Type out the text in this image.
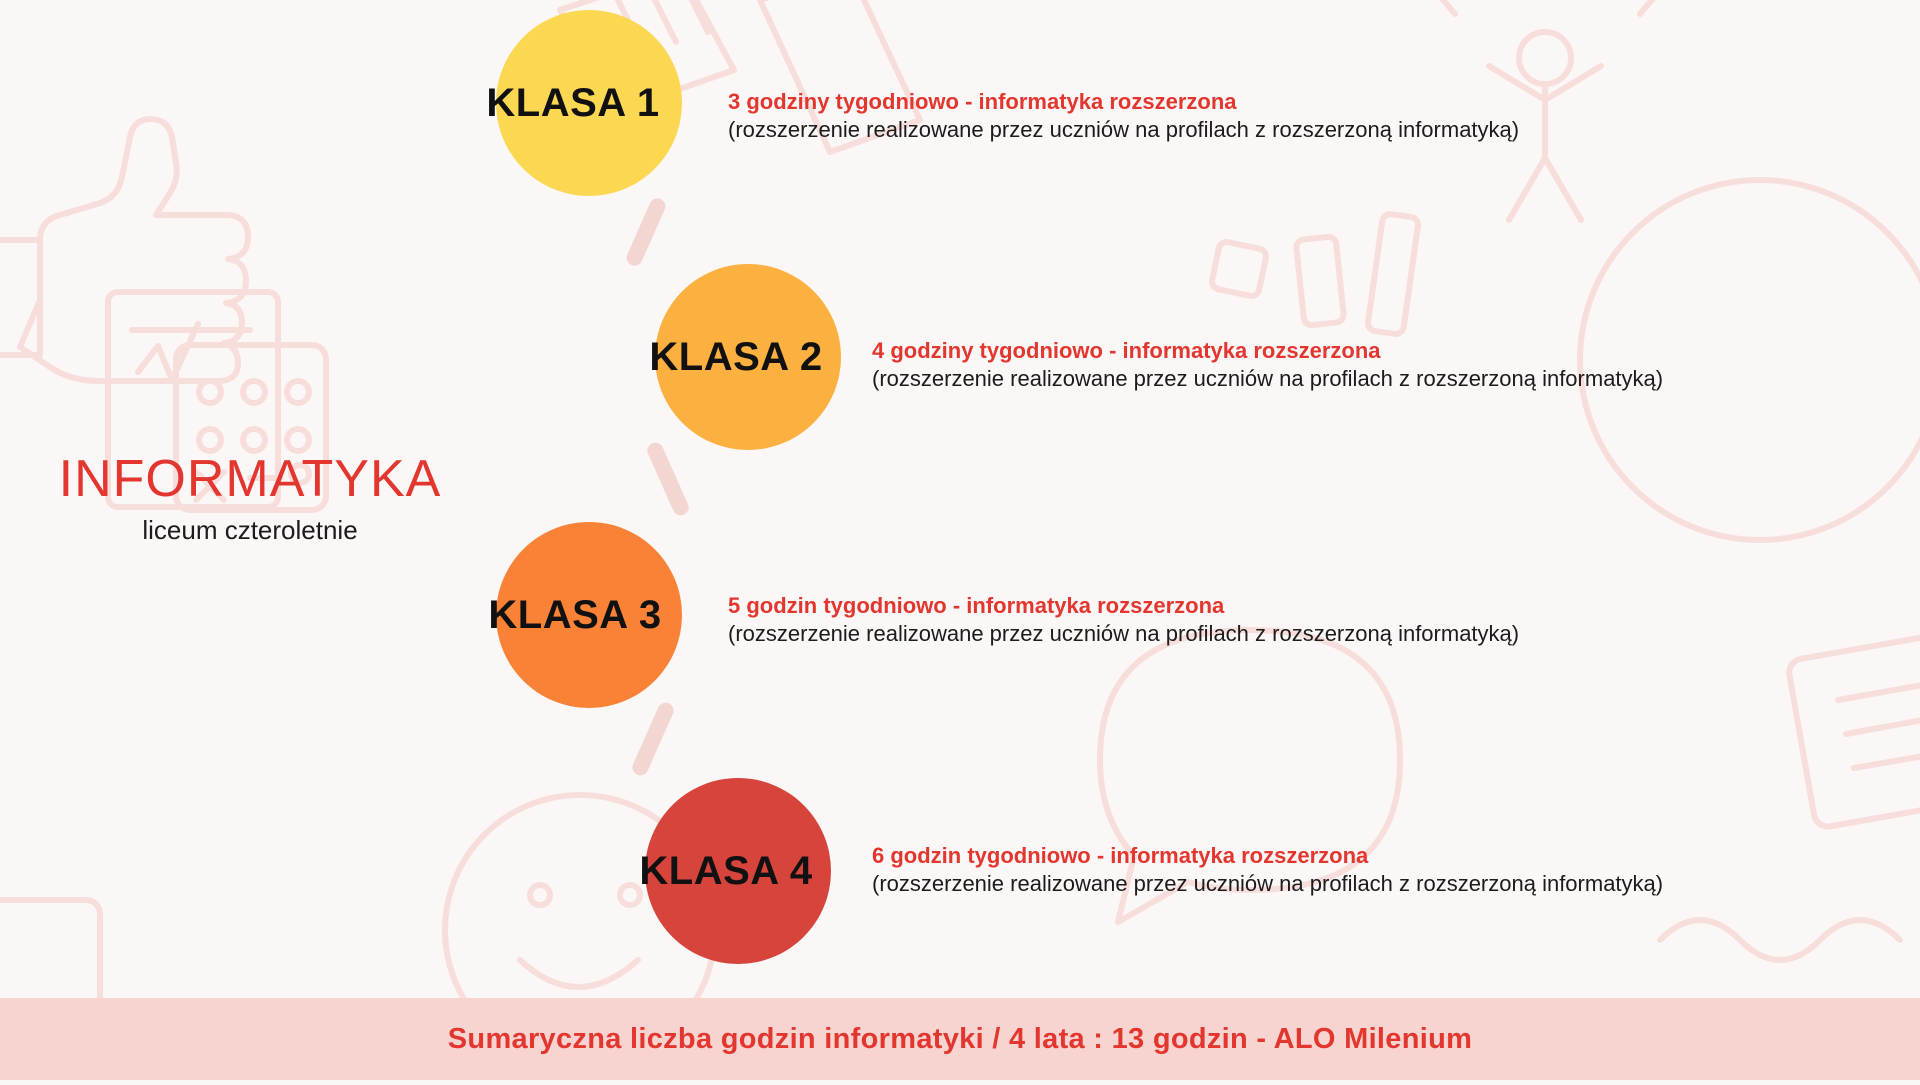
INFORMATYKA
liceum czteroletnie
KLASA 1	3 godziny tygodniowo - informatyka rozszerzona
(rozszerzenie realizowane przez uczniów na profilach z rozszerzoną informatyką)
KLASA 2 4 godziny tygodniowo - informatyka rozszerzona
(rozszerzenie realizowane przez uczniów na profilach z rozszerzoną informatyką)
KLASA 3	5 godzin tygodniowo - informatyka rozszerzona
(rozszerzenie realizowane przez uczniów na profilach z rozszerzoną informatyką)
KLASA 4	6 godzin tygodniowo - informatyka rozszerzona
(rozszerzenie realizowane przez uczniów na profilach z rozszerzoną informatyką)
Sumaryczna liczba godzin informatyki / 4 lata : 13 godzin - ALO Milenium
